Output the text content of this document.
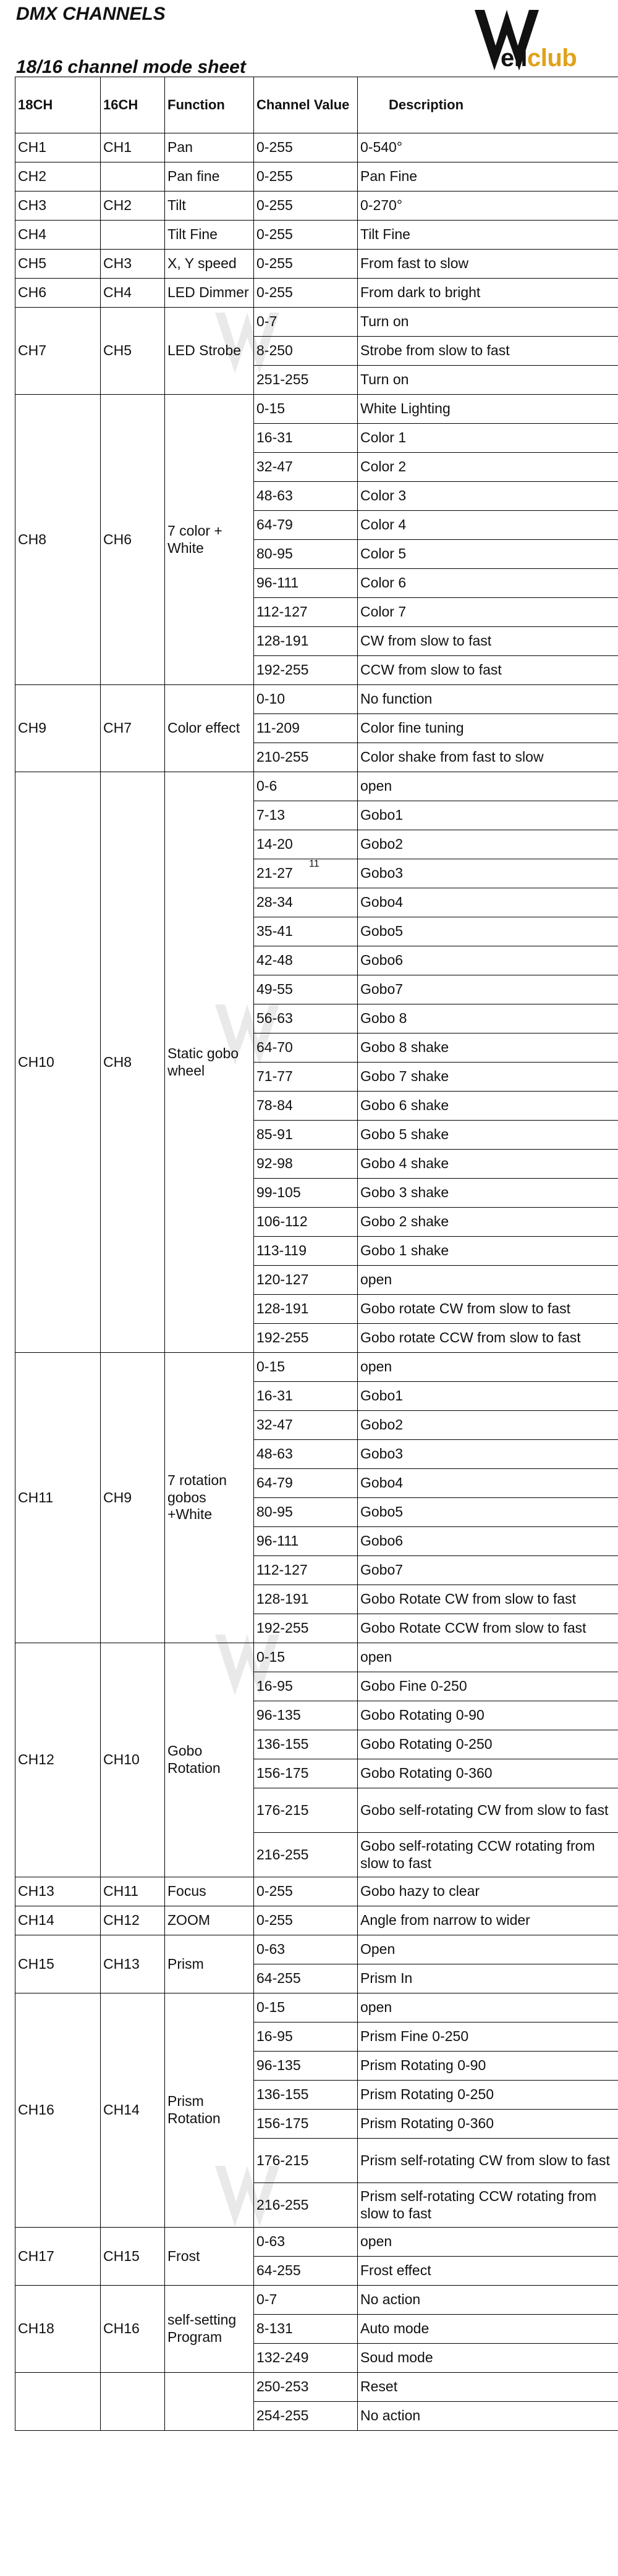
DMX CHANNELS
18/16 channel mode sheet	ellclub
11
18CH	16CH	Function	Channel Value	Description
CH1	CH1	Pan	0-255	0-540°
CH2		Pan fine	0-255	Pan Fine
CH3	CH2	Tilt	0-255	0-270°
CH4		Tilt Fine	0-255	Tilt Fine
CH5	CH3	X, Y speed	0-255	From fast to slow
CH6	CH4	LED Dimmer	0-255	From dark to bright
CH7	CH5	LED Strobe	0-7	Turn on
			8-250	Strobe from slow to fast
			251-255	Turn on
CH8	CH6	7 color + White	0-15	White Lighting
			16-31	Color 1
			32-47	Color 2
			48-63	Color 3
			64-79	Color 4
			80-95	Color 5
			96-111	Color 6
			112-127	Color 7
			128-191	CW from slow to fast
			192-255	CCW from slow to fast
CH9	CH7	Color effect	0-10	No function
			11-209	Color fine tuning
			210-255	Color shake from fast to slow
CH10	CH8	Static gobo wheel	0-6	open
			7-13	Gobo1
			14-20	Gobo2
			21-27	Gobo3
			28-34	Gobo4
			35-41	Gobo5
			42-48	Gobo6
			49-55	Gobo7
			56-63	Gobo 8
			64-70	Gobo 8 shake
			71-77	Gobo 7 shake
			78-84	Gobo 6 shake
			85-91	Gobo 5 shake
			92-98	Gobo 4 shake
			99-105	Gobo 3 shake
			106-112	Gobo 2 shake
			113-119	Gobo 1 shake
			120-127	open
			128-191	Gobo rotate CW from slow to fast
			192-255	Gobo rotate CCW from slow to fast
CH11	CH9	7 rotation gobos +White	0-15	open
			16-31	Gobo1
			32-47	Gobo2
			48-63	Gobo3
			64-79	Gobo4
			80-95	Gobo5
			96-111	Gobo6
			112-127	Gobo7
			128-191	Gobo Rotate CW from slow to fast
			192-255	Gobo Rotate CCW from slow to fast
CH12	CH10	Gobo Rotation	0-15	open
			16-95	Gobo Fine 0-250
			96-135	Gobo Rotating 0-90
			136-155	Gobo Rotating 0-250
			156-175	Gobo Rotating 0-360
			176-215	Gobo self-rotating CW from slow to fast
			216-255	Gobo self-rotating CCW rotating from slow to fast
CH13	CH11	Focus	0-255	Gobo hazy to clear
CH14	CH12	ZOOM	0-255	Angle from narrow to wider
CH15	CH13	Prism	0-63	Open
			64-255	Prism In
CH16	CH14	Prism Rotation	0-15	open
			16-95	Prism Fine 0-250
			96-135	Prism Rotating 0-90
			136-155	Prism Rotating 0-250
			156-175	Prism Rotating 0-360
			176-215	Prism self-rotating CW from slow to fast
			216-255	Prism self-rotating CCW rotating from slow to fast
CH17	CH15	Frost	0-63	open
			64-255	Frost effect
CH18	CH16	self-setting Program	0-7	No action
			8-131	Auto mode
			132-249	Soud mode
			250-253	Reset
			254-255	No action
